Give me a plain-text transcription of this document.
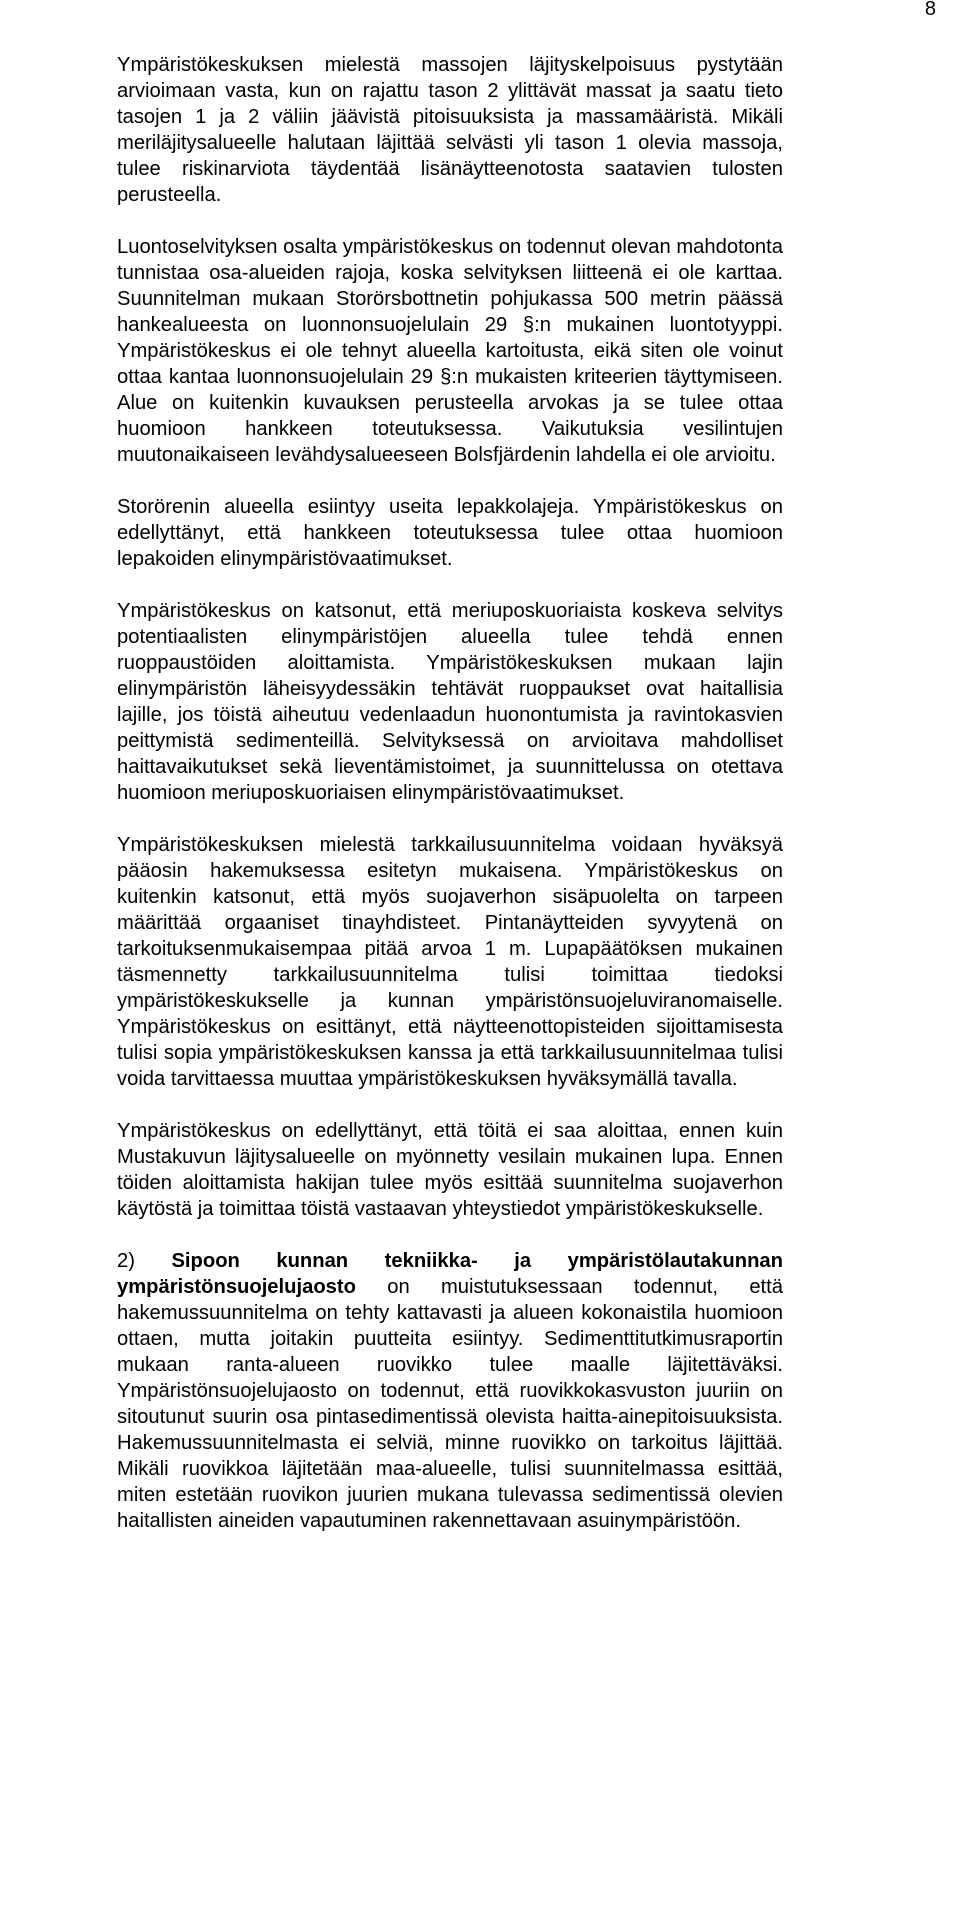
8

Ympäristökeskuksen mielestä massojen läjityskelpoisuus pystytään arvioimaan vasta, kun on rajattu tason 2 ylittävät massat ja saatu tieto tasojen 1 ja 2 väliin jäävistä pitoisuuksista ja massamääristä. Mikäli meriläjitysalueelle halutaan läjittää selvästi yli tason 1 olevia massoja, tulee riskinarviota täydentää lisänäytteenotosta saatavien tulosten perusteella.

Luontoselvityksen osalta ympäristökeskus on todennut olevan mahdotonta tunnistaa osa-alueiden rajoja, koska selvityksen liitteenä ei ole karttaa. Suunnitelman mukaan Storörsbottnetin pohjukassa 500 metrin päässä hankealueesta on luonnonsuojelulain 29 §:n mukainen luontotyyppi. Ympäristökeskus ei ole tehnyt alueella kartoitusta, eikä siten ole voinut ottaa kantaa luonnonsuojelulain 29 §:n mukaisten kriteerien täyttymiseen. Alue on kuitenkin kuvauksen perusteella arvokas ja se tulee ottaa huomioon hankkeen toteutuksessa. Vaikutuksia vesilintujen muutonaikaiseen levähdysalueeseen Bolsfjärdenin lahdella ei ole arvioitu.

Storörenin alueella esiintyy useita lepakkolajeja. Ympäristökeskus on edellyttänyt, että hankkeen toteutuksessa tulee ottaa huomioon lepakoiden elinympäristövaatimukset.

Ympäristökeskus on katsonut, että meriuposkuoriaista koskeva selvitys potentiaalisten elinympäristöjen alueella tulee tehdä ennen ruoppaustöiden aloittamista. Ympäristökeskuksen mukaan lajin elinympäristön läheisyydessäkin tehtävät ruoppaukset ovat haitallisia lajille, jos töistä aiheutuu vedenlaadun huonontumista ja ravintokasvien peittymistä sedimenteillä. Selvityksessä on arvioitava mahdolliset haittavaikutukset sekä lieventämistoimet, ja suunnittelussa on otettava huomioon meriuposkuoriaisen elinympäristövaatimukset.

Ympäristökeskuksen mielestä tarkkailusuunnitelma voidaan hyväksyä pääosin hakemuksessa esitetyn mukaisena. Ympäristökeskus on kuitenkin katsonut, että myös suojaverhon sisäpuolelta on tarpeen määrittää orgaaniset tinayhdisteet. Pintanäytteiden syvyytenä on tarkoituksenmukaisempaa pitää arvoa 1 m. Lupapäätöksen mukainen täsmennetty tarkkailusuunnitelma tulisi toimittaa tiedoksi ympäristökeskukselle ja kunnan ympäristönsuojeluviranomaiselle. Ympäristökeskus on esittänyt, että näytteenottopisteiden sijoittamisesta tulisi sopia ympäristökeskuksen kanssa ja että tarkkailusuunnitelmaa tulisi voida tarvittaessa muuttaa ympäristökeskuksen hyväksymällä tavalla.

Ympäristökeskus on edellyttänyt, että töitä ei saa aloittaa, ennen kuin Mustakuvun läjitysalueelle on myönnetty vesilain mukainen lupa. Ennen töiden aloittamista hakijan tulee myös esittää suunnitelma suojaverhon käytöstä ja toimittaa töistä vastaavan yhteystiedot ympäristökeskukselle.

2) Sipoon kunnan tekniikka- ja ympäristölautakunnan ympäristönsuojelujaosto on muistutuksessaan todennut, että hakemussuunnitelma on tehty kattavasti ja alueen kokonaistila huomioon ottaen, mutta joitakin puutteita esiintyy. Sedimenttitutkimusraportin mukaan ranta-alueen ruovikko tulee maalle läjitettäväksi. Ympäristönsuojelujaosto on todennut, että ruovikkokasvuston juuriin on sitoutunut suurin osa pintasedimentissä olevista haitta-ainepitoisuuksista. Hakemussuunnitelmasta ei selviä, minne ruovikko on tarkoitus läjittää. Mikäli ruovikkoa läjitetään maa-alueelle, tulisi suunnitelmassa esittää, miten estetään ruovikon juurien mukana tulevassa sedimentissä olevien haitallisten aineiden vapautuminen rakennettavaan asuinympäristöön.
